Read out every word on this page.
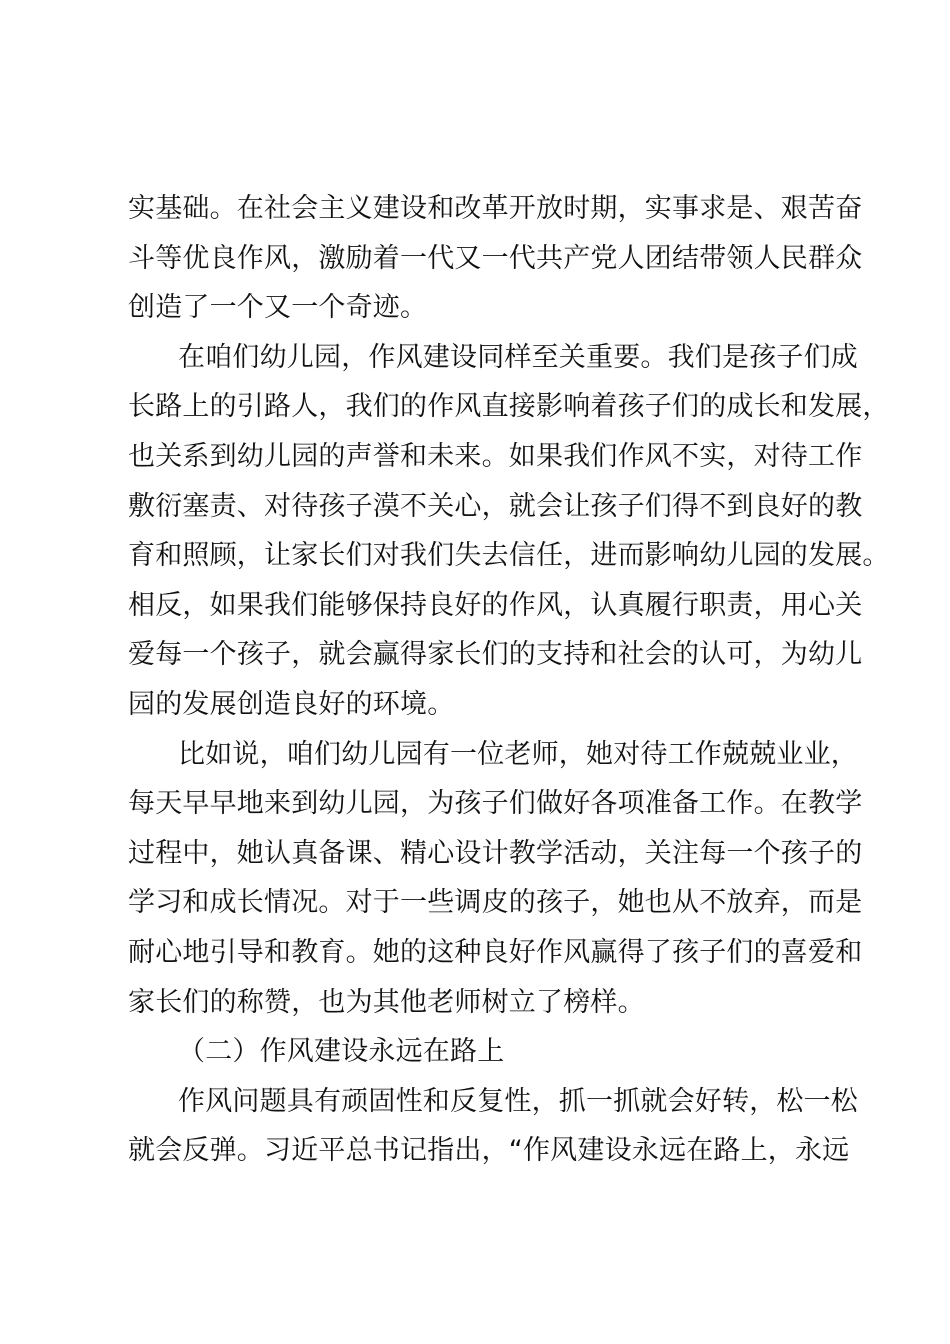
实基础。在社会主义建设和改革开放时期，实事求是、艰苦奋
斗等优良作风，激励着一代又一代共产党人团结带领人民群众
创造了一个又一个奇迹。
在咱们幼儿园，作风建设同样至关重要。我们是孩子们成
长路上的引路人，我们的作风直接影响着孩子们的成长和发展，
也关系到幼儿园的声誉和未来。如果我们作风不实，对待工作
敷衍塞责、对待孩子漠不关心，就会让孩子们得不到良好的教
育和照顾，让家长们对我们失去信任，进而影响幼儿园的发展。
相反，如果我们能够保持良好的作风，认真履行职责，用心关
爱每一个孩子，就会赢得家长们的支持和社会的认可，为幼儿
园的发展创造良好的环境。
比如说，咱们幼儿园有一位老师，她对待工作兢兢业业，
每天早早地来到幼儿园，为孩子们做好各项准备工作。在教学
过程中，她认真备课、精心设计教学活动，关注每一个孩子的
学习和成长情况。对于一些调皮的孩子，她也从不放弃，而是
耐心地引导和教育。她的这种良好作风赢得了孩子们的喜爱和
家长们的称赞，也为其他老师树立了榜样。
（二）作风建设永远在路上
作风问题具有顽固性和反复性，抓一抓就会好转，松一松
就会反弹。习近平总书记指出，“作风建设永远在路上，永远
